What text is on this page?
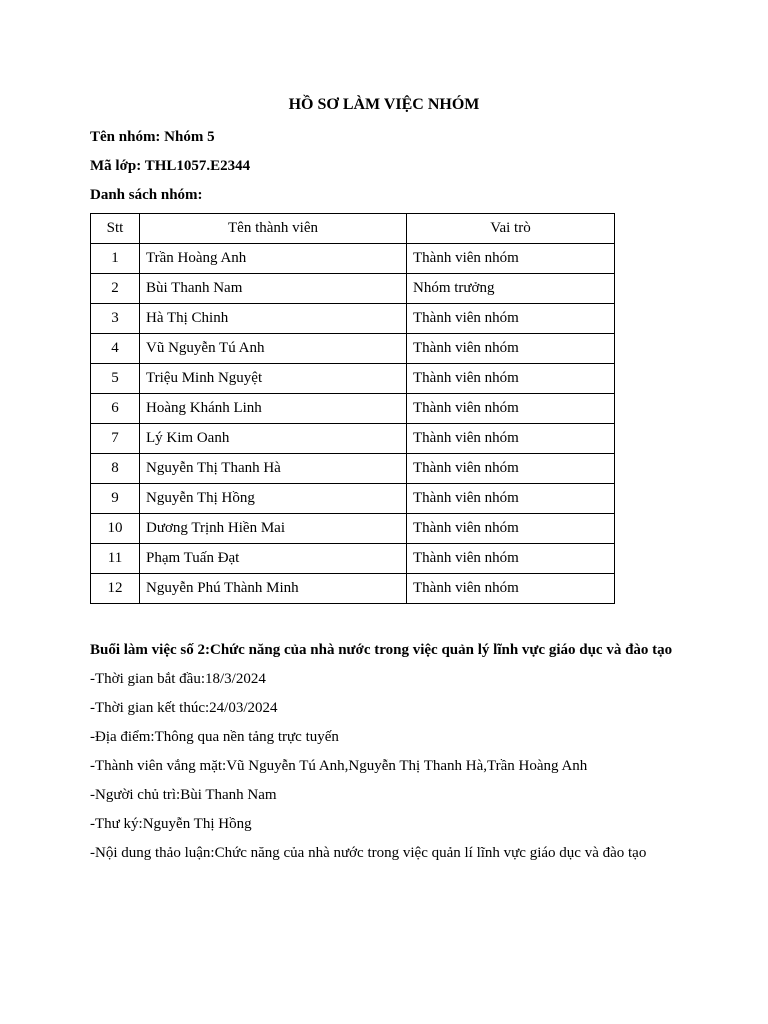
HỒ SƠ LÀM VIỆC NHÓM
Tên nhóm: Nhóm 5
Mã lớp: THL1057.E2344
Danh sách nhóm:
Stt	Tên thành viên	Vai trò
1	Trần Hoàng Anh	Thành viên nhóm
2	Bùi Thanh Nam	Nhóm trưởng
3	Hà Thị Chinh	Thành viên nhóm
4	Vũ Nguyễn Tú Anh	Thành viên nhóm
5	Triệu Minh Nguyệt	Thành viên nhóm
6	Hoàng Khánh Linh	Thành viên nhóm
7	Lý Kim Oanh	Thành viên nhóm
8	Nguyễn Thị Thanh Hà	Thành viên nhóm
9	Nguyễn Thị Hồng	Thành viên nhóm
10	Dương Trịnh Hiền Mai	Thành viên nhóm
11	Phạm Tuấn Đạt	Thành viên nhóm
12	Nguyễn Phú Thành Minh	Thành viên nhóm

Buổi làm việc số 2:Chức năng của nhà nước trong việc quản lý lĩnh vực giáo dục và đào tạo

-Thời gian bắt đầu:18/3/2024

-Thời gian kết thúc:24/03/2024

-Địa điểm:Thông qua nền tảng trực tuyến

-Thành viên vắng mặt:Vũ Nguyễn Tú Anh,Nguyễn Thị Thanh Hà,Trần Hoàng Anh

-Người chủ trì:Bùi Thanh Nam

-Thư ký:Nguyễn Thị Hồng

-Nội dung thảo luận:Chức năng của nhà nước trong việc quản lí lĩnh vực giáo dục và đào tạo
